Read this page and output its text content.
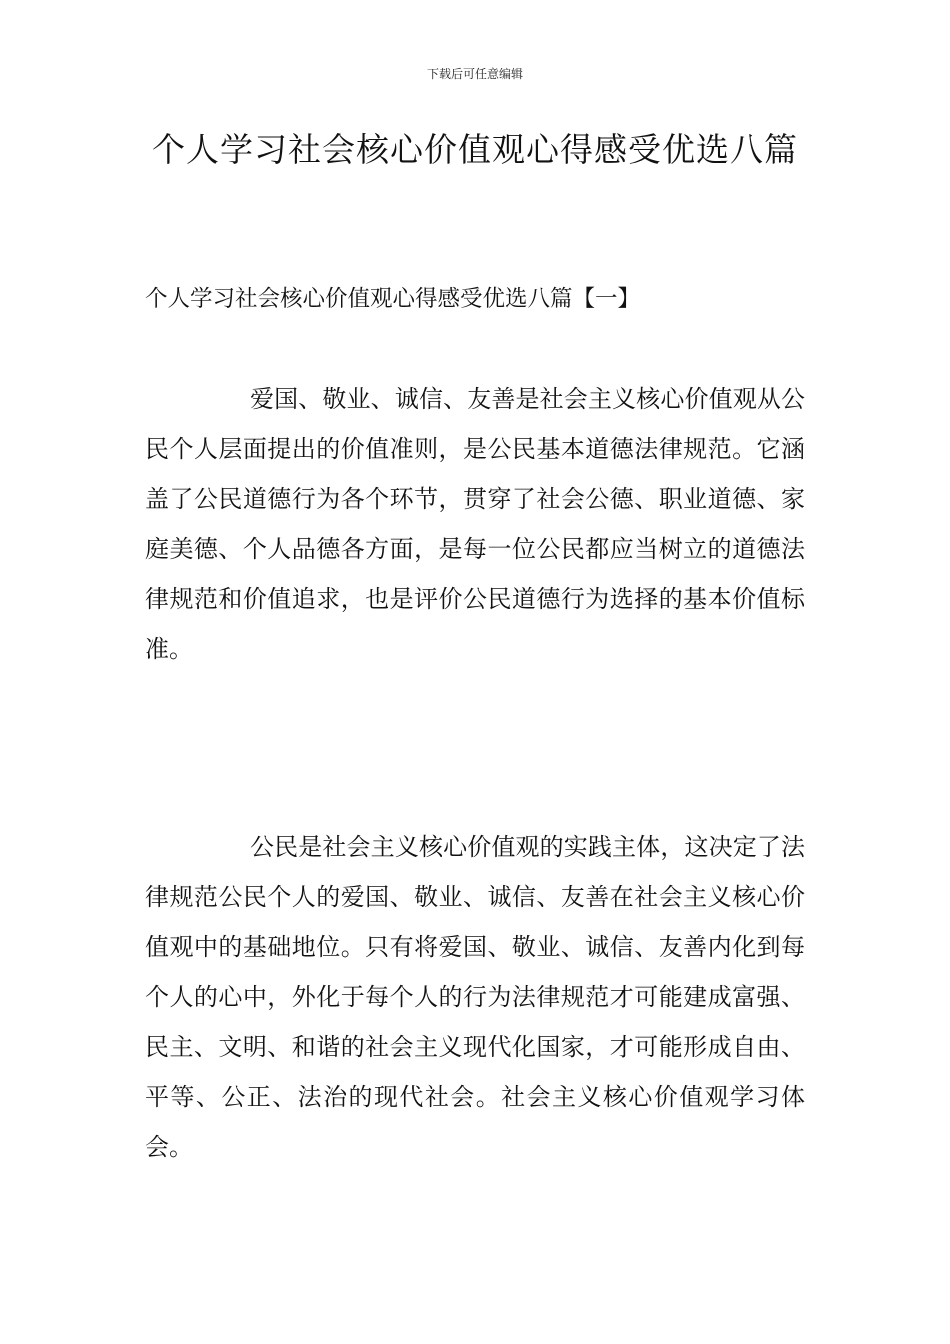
下载后可任意编辑
个人学习社会核心价值观心得感受优选八篇
个人学习社会核心价值观心得感受优选八篇【一】

爱国、敬业、诚信、友善是社会主义核心价值观从公民个人层面提出的价值准则，是公民基本道德法律规范。它涵盖了公民道德行为各个环节，贯穿了社会公德、职业道德、家庭美德、个人品德各方面，是每一位公民都应当树立的道德法律规范和价值追求，也是评价公民道德行为选择的基本价值标准。

公民是社会主义核心价值观的实践主体，这决定了法律规范公民个人的爱国、敬业、诚信、友善在社会主义核心价值观中的基础地位。只有将爱国、敬业、诚信、友善内化到每个人的心中，外化于每个人的行为法律规范才可能建成富强、民主、文明、和谐的社会主义现代化国家，才可能形成自由、平等、公正、法治的现代社会。社会主义核心价值观学习体会。
